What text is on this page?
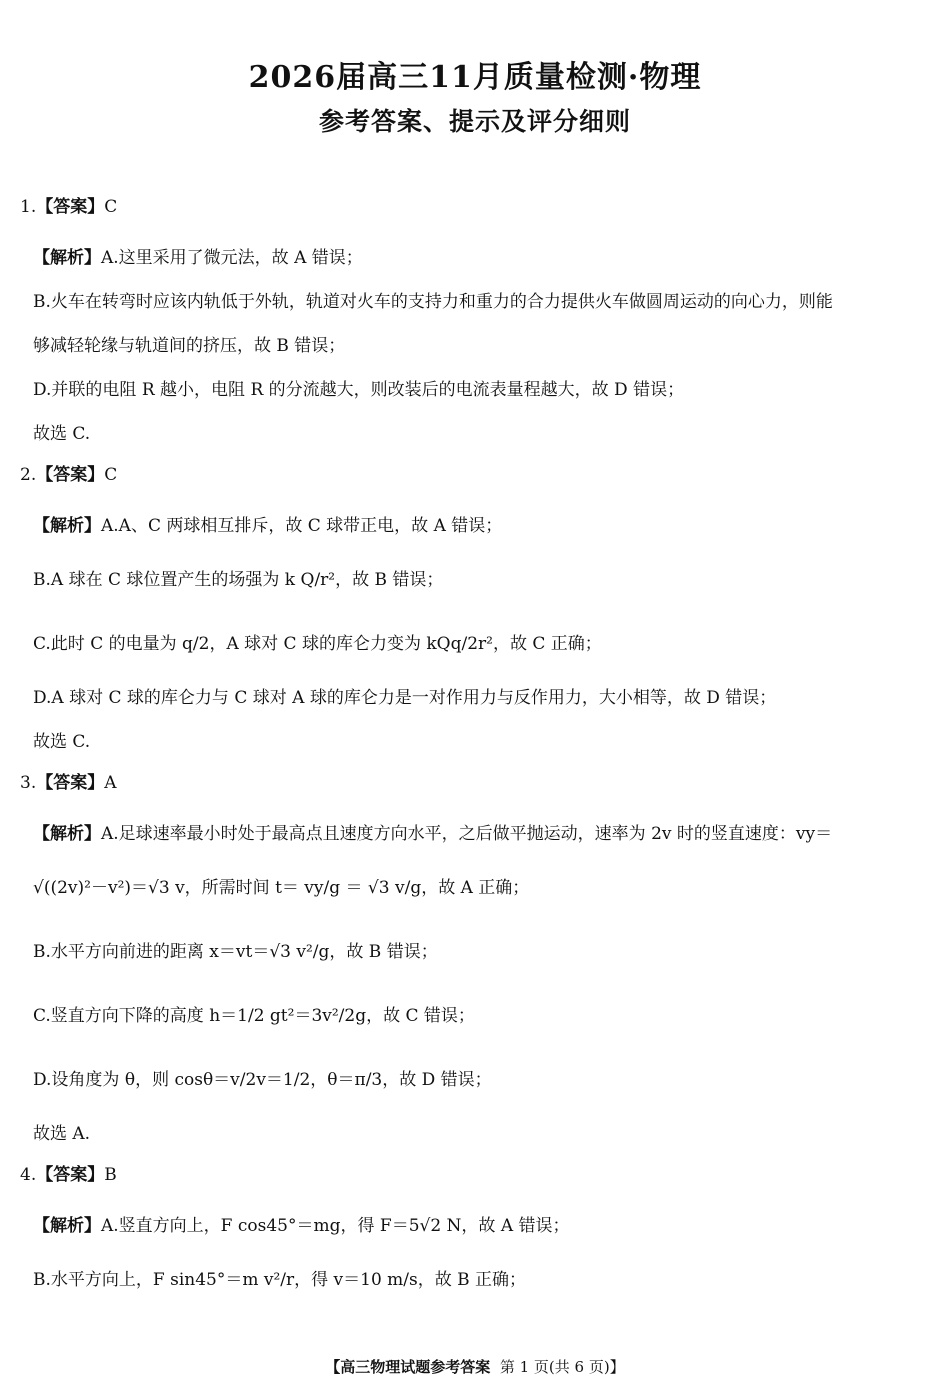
2026届高三11月质量检测·物理
参考答案、提示及评分细则
1.【答案】C
【解析】A.这里采用了微元法，故 A 错误；
B.火车在转弯时应该内轨低于外轨，轨道对火车的支持力和重力的合力提供火车做圆周运动的向心力，则能
够减轻轮缘与轨道间的挤压，故 B 错误；
D.并联的电阻 R 越小，电阻 R 的分流越大，则改装后的电流表量程越大，故 D 错误；
故选 C.
2.【答案】C
【解析】A.A、C 两球相互排斥，故 C 球带正电，故 A 错误；
B.A 球在 C 球位置产生的场强为 k Q/r²，故 B 错误；
C.此时 C 的电量为 q/2，A 球对 C 球的库仑力变为 kQq/2r²，故 C 正确；
D.A 球对 C 球的库仑力与 C 球对 A 球的库仑力是一对作用力与反作用力，大小相等，故 D 错误；
故选 C.
3.【答案】A
【解析】A.足球速率最小时处于最高点且速度方向水平，之后做平抛运动，速率为 2v 时的竖直速度：vy＝
√((2v)²－v²)＝√3 v，所需时间 t＝ vy/g ＝ √3 v/g，故 A 正确；
B.水平方向前进的距离 x＝vt＝√3 v²/g，故 B 错误；
C.竖直方向下降的高度 h＝1/2 gt²＝3v²/2g，故 C 错误；
D.设角度为 θ，则 cosθ＝v/2v＝1/2，θ＝π/3，故 D 错误；
故选 A.
4.【答案】B
【解析】A.竖直方向上，F cos45°＝mg，得 F＝5√2 N，故 A 错误；
B.水平方向上，F sin45°＝m v²/r，得 v＝10 m/s，故 B 正确；
【高三物理试题参考答案 第 1 页(共 6 页)】
